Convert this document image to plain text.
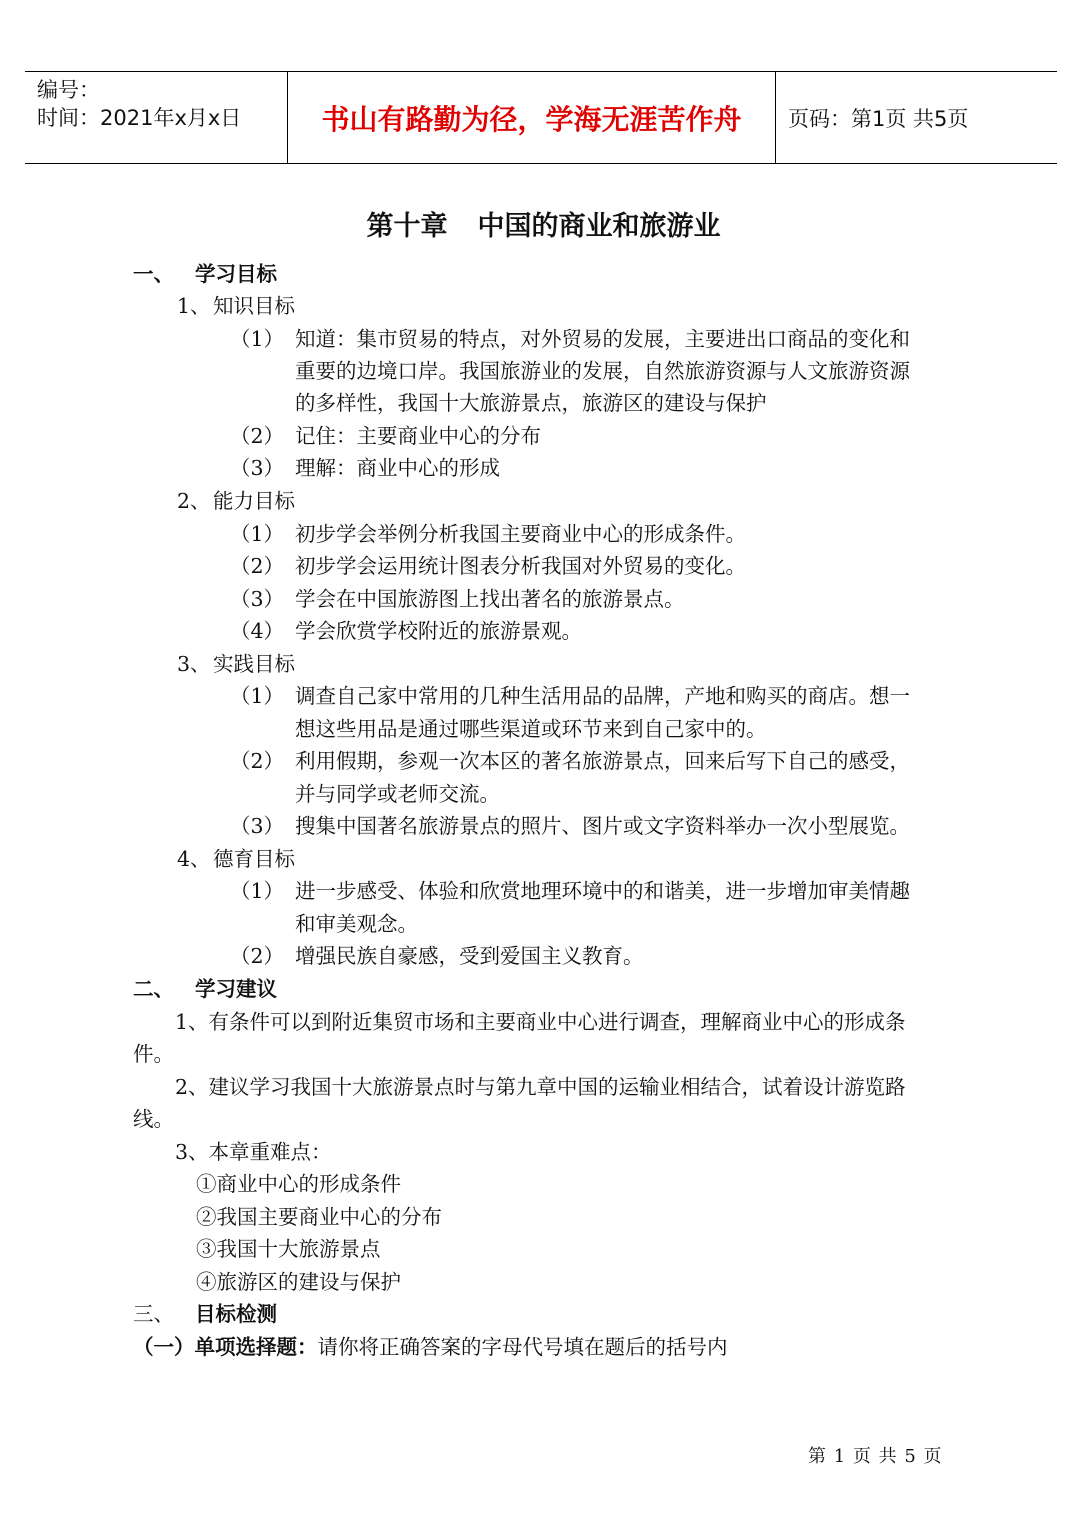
编号：
时间：2021年x月x日	书山有路勤为径，学海无涯苦作舟	页码：第1页 共5页
第十章 中国的商业和旅游业
一、 学习目标
1、 知识目标
（1） 知道：集市贸易的特点，对外贸易的发展，主要进出口商品的变化和
重要的边境口岸。我国旅游业的发展，自然旅游资源与人文旅游资源
的多样性，我国十大旅游景点，旅游区的建设与保护
（2） 记住：主要商业中心的分布
（3） 理解：商业中心的形成
2、 能力目标
（1） 初步学会举例分析我国主要商业中心的形成条件。
（2） 初步学会运用统计图表分析我国对外贸易的变化。
（3） 学会在中国旅游图上找出著名的旅游景点。
（4） 学会欣赏学校附近的旅游景观。
3、 实践目标
（1） 调查自己家中常用的几种生活用品的品牌，产地和购买的商店。想一
想这些用品是通过哪些渠道或环节来到自己家中的。
（2） 利用假期，参观一次本区的著名旅游景点，回来后写下自己的感受，
并与同学或老师交流。
（3） 搜集中国著名旅游景点的照片、图片或文字资料举办一次小型展览。
4、 德育目标
（1） 进一步感受、体验和欣赏地理环境中的和谐美，进一步增加审美情趣
和审美观念。
（2） 增强民族自豪感，受到爱国主义教育。
二、 学习建议
1、有条件可以到附近集贸市场和主要商业中心进行调查，理解商业中心的形成条
件。
2、建议学习我国十大旅游景点时与第九章中国的运输业相结合，试着设计游览路
线。
3、本章重难点：
①商业中心的形成条件
②我国主要商业中心的分布
③我国十大旅游景点
④旅游区的建设与保护
三、 目标检测
（一）单项选择题：请你将正确答案的字母代号填在题后的括号内
第 1 页 共 5 页
